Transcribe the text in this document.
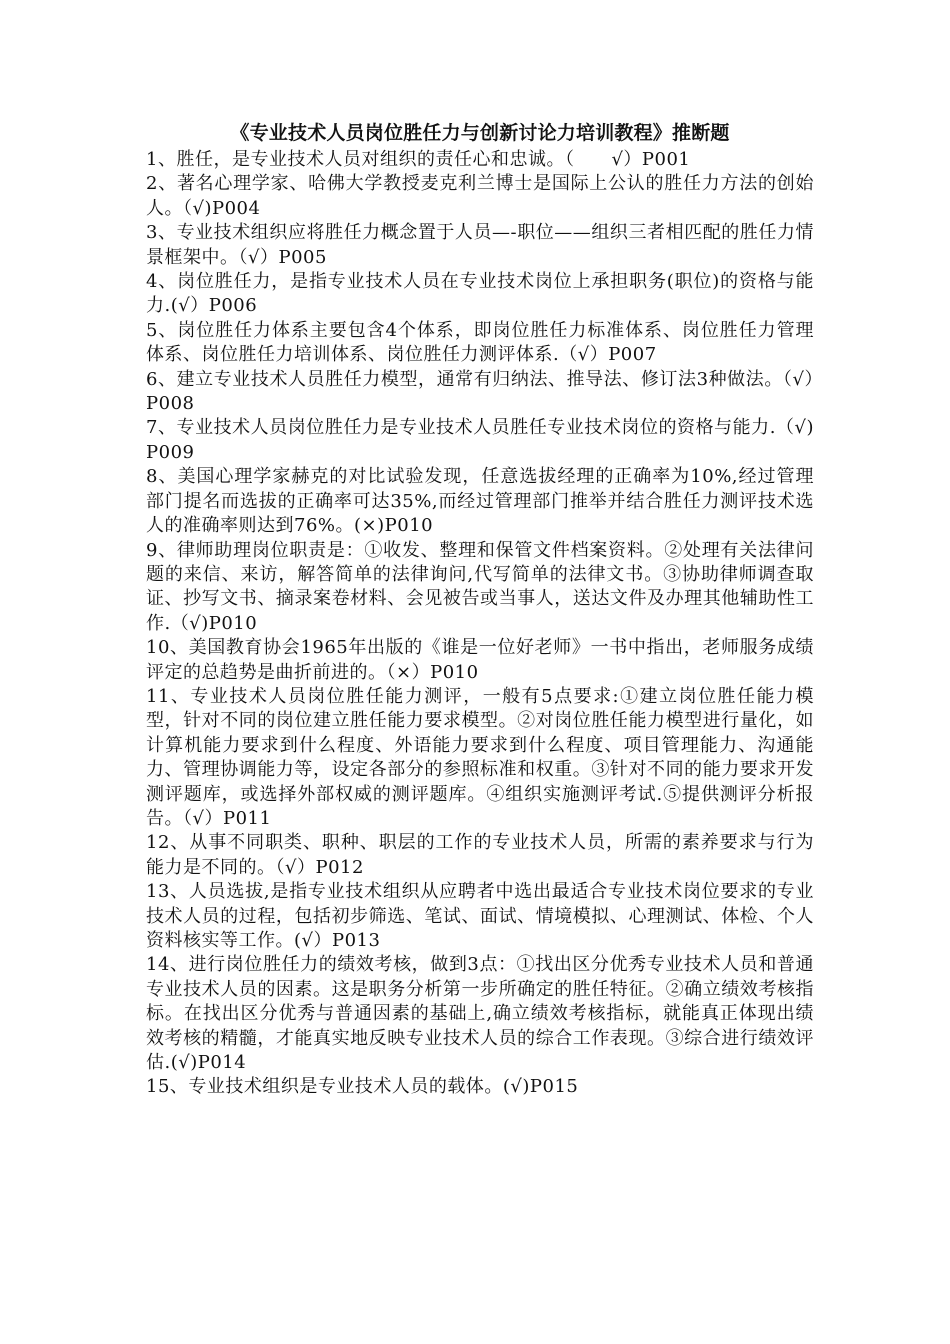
《专业技术人员岗位胜任力与创新讨论力培训教程》推断题

1、胜任，是专业技术人员对组织的责任心和忠诚。（　　√）P001

2、著名心理学家、哈佛大学教授麦克利兰博士是国际上公认的胜任力方法的创始人。（√)P004

3、专业技术组织应将胜任力概念置于人员—-职位——组织三者相匹配的胜任力情景框架中。（√）P005

4、岗位胜任力，是指专业技术人员在专业技术岗位上承担职务(职位)的资格与能力.(√）P006

5、岗位胜任力体系主要包含4个体系，即岗位胜任力标准体系、岗位胜任力管理体系、岗位胜任力培训体系、岗位胜任力测评体系.（√）P007

6、建立专业技术人员胜任力模型，通常有归纳法、推导法、修订法3种做法。（√）P008

7、专业技术人员岗位胜任力是专业技术人员胜任专业技术岗位的资格与能力.（√)P009

8、美国心理学家赫克的对比试验发现，任意选拔经理的正确率为10%,经过管理部门提名而选拔的正确率可达35%,而经过管理部门推举并结合胜任力测评技术选人的准确率则达到76%。(×)P010

9、律师助理岗位职责是：①收发、整理和保管文件档案资料。②处理有关法律问题的来信、来访，解答简单的法律询问,代写简单的法律文书。③协助律师调查取证、抄写文书、摘录案卷材料、会见被告或当事人，送达文件及办理其他辅助性工作.（√)P010

10、美国教育协会1965年出版的《谁是一位好老师》一书中指出，老师服务成绩评定的总趋势是曲折前进的。（×）P010

11、专业技术人员岗位胜任能力测评，一般有5点要求:①建立岗位胜任能力模型，针对不同的岗位建立胜任能力要求模型。②对岗位胜任能力模型进行量化，如计算机能力要求到什么程度、外语能力要求到什么程度、项目管理能力、沟通能力、管理协调能力等，设定各部分的参照标准和权重。③针对不同的能力要求开发测评题库，或选择外部权威的测评题库。④组织实施测评考试.⑤提供测评分析报告。（√）P011

12、从事不同职类、职种、职层的工作的专业技术人员，所需的素养要求与行为能力是不同的。（√）P012

13、人员选拔,是指专业技术组织从应聘者中选出最适合专业技术岗位要求的专业技术人员的过程，包括初步筛选、笔试、面试、情境模拟、心理测试、体检、个人资料核实等工作。(√）P013

14、进行岗位胜任力的绩效考核，做到3点：①找出区分优秀专业技术人员和普通专业技术人员的因素。这是职务分析第一步所确定的胜任特征。②确立绩效考核指标。在找出区分优秀与普通因素的基础上,确立绩效考核指标，就能真正体现出绩效考核的精髓，才能真实地反映专业技术人员的综合工作表现。③综合进行绩效评估.(√)P014

15、专业技术组织是专业技术人员的载体。(√)P015
